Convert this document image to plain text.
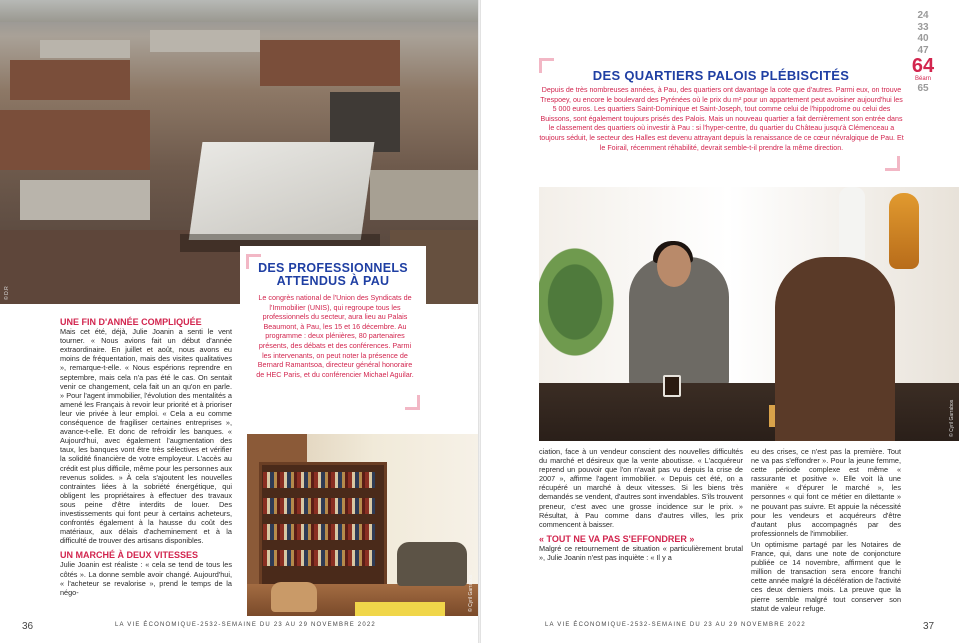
© D.R
DES PROFESSIONNELS ATTENDUS À PAU

Le congrès national de l'Union des Syndicats de l'Immobilier (UNIS), qui regroupe tous les professionnels du secteur, aura lieu au Palais Beaumont, à Pau, les 15 et 16 décembre. Au programme : deux plénières, 80 partenaires présents, des débats et des conférences. Parmi les intervenants, on peut noter la présence de Bernard Ramantsoa, directeur général honoraire de HEC Paris, et du conférencier Michael Aguilar.

UNE FIN D'ANNÉE COMPLIQUÉE

Mais cet été, déjà, Julie Joanin a senti le vent tourner. « Nous avions fait un début d'année extraordinaire. En juillet et août, nous avons eu moins de fréquentation, mais des visites qualitatives », remarque-t-elle. « Nous espérions reprendre en septembre, mais cela n'a pas été le cas. On sentait venir ce changement, cela fait un an qu'on en parle. » Pour l'agent immobilier, l'évolution des mentalités a amené les Français à revoir leur priorité et à prioriser leur vie privée à leur emploi. « Cela a eu comme conséquence de fragiliser certaines entreprises », avance-t-elle. Et donc de refroidir les banques. « Aujourd'hui, avec également l'augmentation des taux, les banques vont être très sélectives et vérifier la solidité financière de votre employeur. L'accès au crédit est plus difficile, même pour les personnes aux revenus solides. » À cela s'ajoutent les nouvelles contraintes liées à la sobriété énergétique, qui obligent les propriétaires à effectuer des travaux sous peine d'être interdits de louer. Des investissements qui font peur à certains acheteurs, confrontés également à la hausse du coût des matériaux, aux délais d'acheminement et à la difficulté de trouver des artisans disponibles.

UN MARCHÉ À DEUX VITESSES

Julie Joanin est réaliste : « cela se tend de tous les côtés ». La donne semble avoir changé. Aujourd'hui, « l'acheteur se revalorise », prend le temps de la négo-	© Cyril Garrabos
36	LA VIE ÉCONOMIQUE-2532-SEMAINE DU 23 AU 29 NOVEMBRE 2022
24
33
40
47
64
Béarn
65
DES QUARTIERS PALOIS PLÉBISCITÉS

Depuis de très nombreuses années, à Pau, des quartiers ont davantage la cote que d'autres. Parmi eux, on trouve Trespoey, ou encore le boulevard des Pyrénées où le prix du m² pour un appartement peut avoisiner aujourd'hui les 5 000 euros. Les quartiers Saint-Dominique et Saint-Joseph, tout comme celui de l'hippodrome ou celui des Buissons, sont également toujours prisés des Palois. Mais un nouveau quartier a fait dernièrement son entrée dans le classement des quartiers où investir à Pau : si l'hyper-centre, du quartier du Château jusqu'à Clémenceau a toujours séduit, le secteur des Halles est devenu attrayant depuis la renaissance de ce cœur névralgique de Pau. Et le Foirail, récemment réhabilité, devrait semble-t-il prendre la même direction.

© Cyril Garrabos

ciation, face à un vendeur conscient des nouvelles difficultés du marché et désireux que la vente aboutisse. « L'acquéreur reprend un pouvoir que l'on n'avait pas vu depuis la crise de 2007 », affirme l'agent immobilier. « Depuis cet été, on a récupéré un marché à deux vitesses. Si les biens très demandés se vendent, d'autres sont invendables. S'ils trouvent preneur, c'est avec une grosse incidence sur le prix. » Résultat, à Pau comme dans d'autres villes, les prix commencent à baisser.

« TOUT NE VA PAS S'EFFONDRER »

Malgré ce retournement de situation « particulièrement brutal », Julie Joanin n'est pas inquiète : « Il y a

eu des crises, ce n'est pas la première. Tout ne va pas s'effondrer ». Pour la jeune femme, cette période complexe est même « rassurante et positive ». Elle voit là une manière « d'épurer le marché », les personnes « qui font ce métier en dilettante » ne pouvant pas suivre. Et appuie la nécessité pour les vendeurs et acquéreurs d'être d'autant plus accompagnés par des professionnels de l'immobilier.

Un optimisme partagé par les Notaires de France, qui, dans une note de conjoncture publiée ce 14 novembre, affirment que le million de transaction sera encore franchi cette année malgré la décélération de l'activité ces deux derniers mois. La preuve que la pierre semble malgré tout conserver son statut de valeur refuge.

LA VIE ÉCONOMIQUE-2532-SEMAINE DU 23 AU 29 NOVEMBRE 2022	37
